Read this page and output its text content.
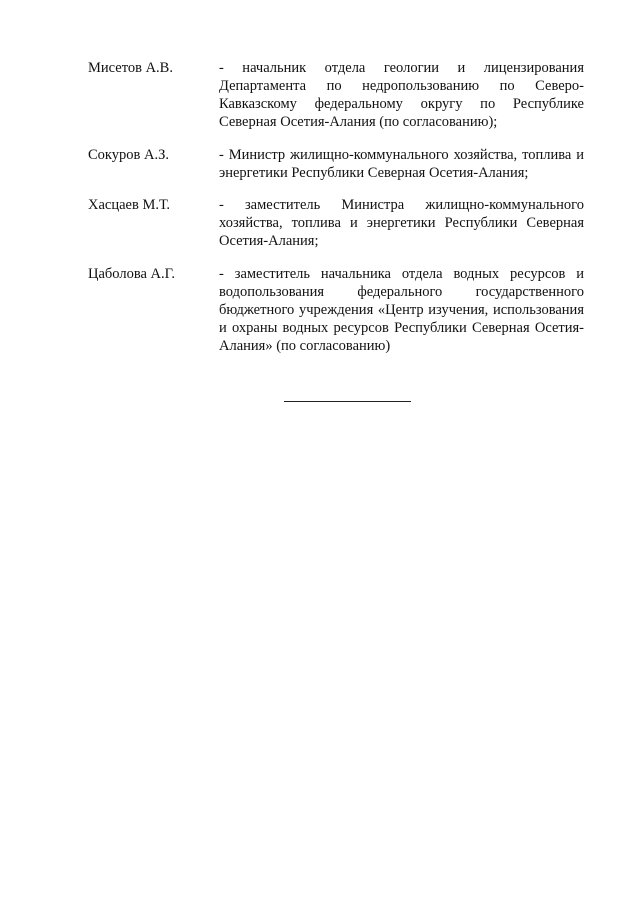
Мисетов А.В.	- начальник отдела геологии и лицензирования Департамента по недропользованию по Северо-Кавказскому федеральному округу по Республике Северная Осетия-Алания (по согласованию);
Сокуров А.З.	- Министр жилищно-коммунального хозяйства, топлива и энергетики Республики Северная Осетия-Алания;
Хасцаев М.Т.	- заместитель Министра жилищно-коммунального хозяйства, топлива и энергетики Республики Северная Осетия-Алания;
Цаболова А.Г.	- заместитель начальника отдела водных ресурсов и водопользования федерального государственного бюджетного учреждения «Центр изучения, использования и охраны водных ресурсов Республики Северная Осетия-Алания» (по согласованию)
